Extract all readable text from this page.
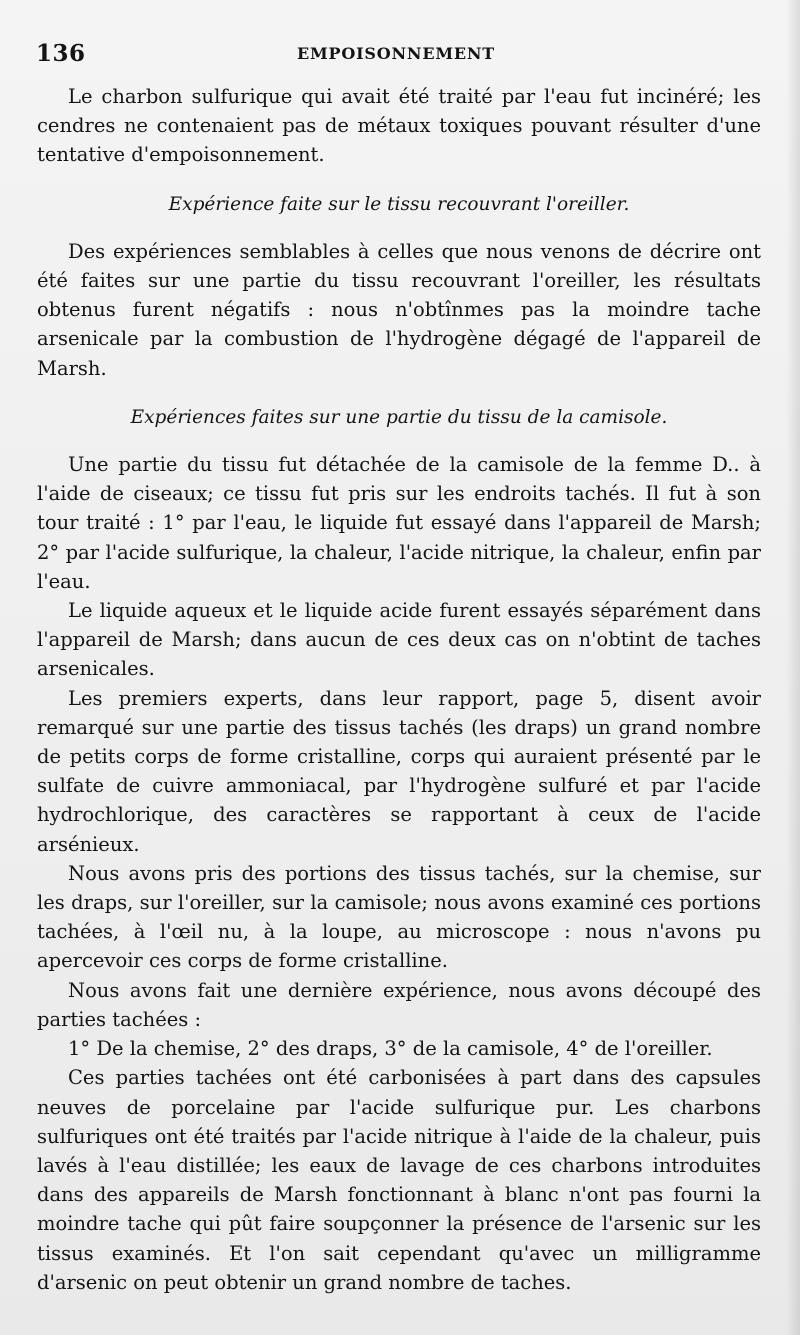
136	EMPOISONNEMENT

Le charbon sulfurique qui avait été traité par l'eau fut incinéré; les cendres ne contenaient pas de métaux toxiques pouvant résulter d'une tentative d'empoisonnement.

Expérience faite sur le tissu recouvrant l'oreiller.

Des expériences semblables à celles que nous venons de décrire ont été faites sur une partie du tissu recouvrant l'oreiller, les résultats obtenus furent négatifs : nous n'obtînmes pas la moindre tache arsenicale par la combustion de l'hydrogène dégagé de l'appareil de Marsh.

Expériences faites sur une partie du tissu de la camisole.

Une partie du tissu fut détachée de la camisole de la femme D.. à l'aide de ciseaux; ce tissu fut pris sur les endroits tachés. Il fut à son tour traité : 1° par l'eau, le liquide fut essayé dans l'appareil de Marsh; 2° par l'acide sulfurique, la chaleur, l'acide nitrique, la chaleur, enfin par l'eau.

Le liquide aqueux et le liquide acide furent essayés séparément dans l'appareil de Marsh; dans aucun de ces deux cas on n'obtint de taches arsenicales.

Les premiers experts, dans leur rapport, page 5, disent avoir remarqué sur une partie des tissus tachés (les draps) un grand nombre de petits corps de forme cristalline, corps qui auraient présenté par le sulfate de cuivre ammoniacal, par l'hydrogène sulfuré et par l'acide hydrochlorique, des caractères se rapportant à ceux de l'acide arsénieux.

Nous avons pris des portions des tissus tachés, sur la chemise, sur les draps, sur l'oreiller, sur la camisole; nous avons examiné ces portions tachées, à l'œil nu, à la loupe, au microscope : nous n'avons pu apercevoir ces corps de forme cristalline.

Nous avons fait une dernière expérience, nous avons découpé des parties tachées :

1° De la chemise, 2° des draps, 3° de la camisole, 4° de l'oreiller.

Ces parties tachées ont été carbonisées à part dans des capsules neuves de porcelaine par l'acide sulfurique pur. Les charbons sulfuriques ont été traités par l'acide nitrique à l'aide de la chaleur, puis lavés à l'eau distillée; les eaux de lavage de ces charbons introduites dans des appareils de Marsh fonctionnant à blanc n'ont pas fourni la moindre tache qui pût faire soupçonner la présence de l'arsenic sur les tissus examinés. Et l'on sait cependant qu'avec un milligramme d'arsenic on peut obtenir un grand nombre de taches.
